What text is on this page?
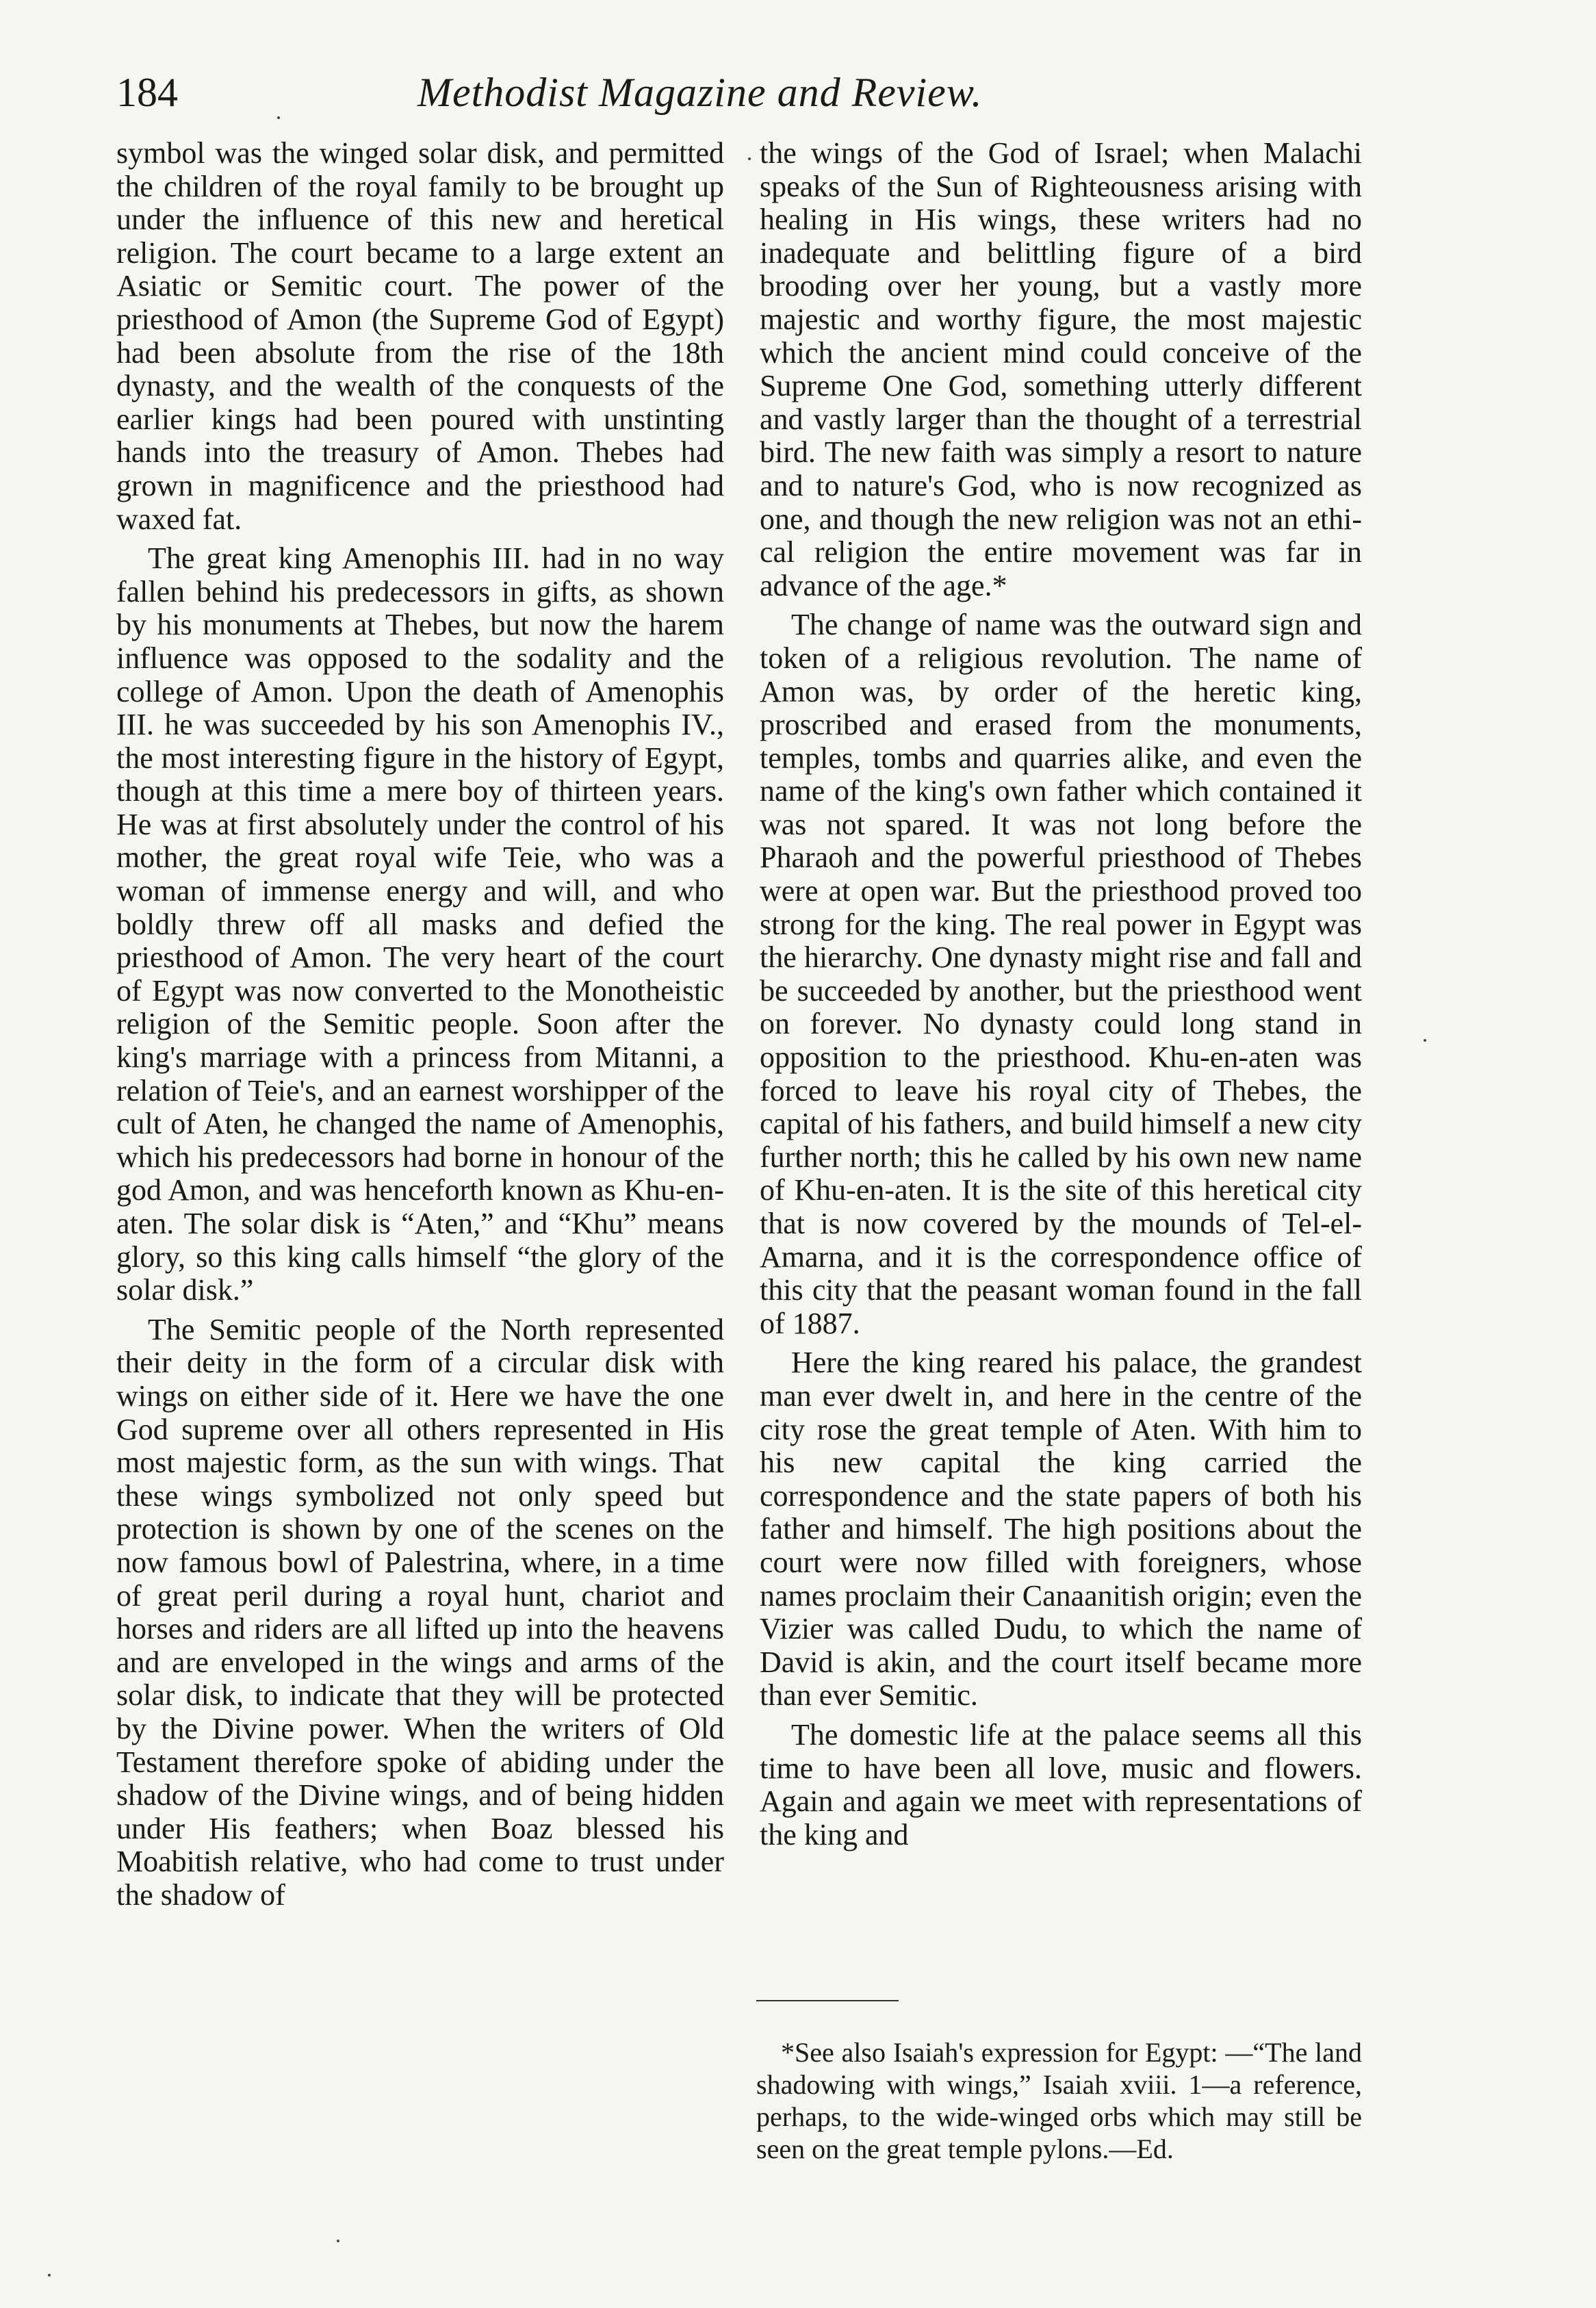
184	Methodist Magazine and Review.

symbol was the winged solar disk, and permitted the children of the royal family to be brought up under the influence of this new and heretical religion. The court became to a large extent an Asiatic or Semitic court. The power of the priesthood of Amon (the Supreme God of Egypt) had been absolute from the rise of the 18th dynasty, and the wealth of the conquests of the earlier kings had been poured with unstinting hands into the treasury of Amon. Thebes had grown in magnificence and the priesthood had waxed fat.

The great king Amenophis III. had in no way fallen behind his predecessors in gifts, as shown by his monuments at Thebes, but now the harem influence was opposed to the sodality and the college of Amon. Upon the death of Amenophis III. he was succeeded by his son Amenophis IV., the most interesting figure in the history of Egypt, though at this time a mere boy of thirteen years. He was at first absolutely under the control of his mother, the great royal wife Teie, who was a woman of immense energy and will, and who boldly threw off all masks and defied the priesthood of Amon. The very heart of the court of Egypt was now converted to the Monotheistic religion of the Semitic people. Soon after the king's marriage with a princess from Mitanni, a relation of Teie's, and an earnest worshipper of the cult of Aten, he changed the name of Amenophis, which his predecessors had borne in honour of the god Amon, and was henceforth known as Khu-en-aten. The solar disk is “Aten,” and “Khu” means glory, so this king calls himself “the glory of the solar disk.”

The Semitic people of the North represented their deity in the form of a circular disk with wings on either side of it. Here we have the one God supreme over all others represented in His most majestic form, as the sun with wings. That these wings symbolized not only speed but protection is shown by one of the scenes on the now famous bowl of Palestrina, where, in a time of great peril during a royal hunt, chariot and horses and riders are all lifted up into the heavens and are enveloped in the wings and arms of the solar disk, to indicate that they will be protected by the Divine power. When the writers of Old Testament therefore spoke of abiding under the shadow of the Divine wings, and of being hidden under His feathers; when Boaz blessed his Moabitish relative, who had come to trust under the shadow of

the wings of the God of Israel; when Malachi speaks of the Sun of Righteousness arising with healing in His wings, these writers had no inadequate and belittling figure of a bird brooding over her young, but a vastly more majestic and worthy figure, the most majestic which the ancient mind could conceive of the Supreme One God, something utterly different and vastly larger than the thought of a terrestrial bird. The new faith was simply a resort to nature and to nature's God, who is now recognized as one, and though the new religion was not an ethical religion the entire movement was far in advance of the age.*

The change of name was the outward sign and token of a religious revolution. The name of Amon was, by order of the heretic king, proscribed and erased from the monuments, temples, tombs and quarries alike, and even the name of the king's own father which contained it was not spared. It was not long before the Pharaoh and the powerful priesthood of Thebes were at open war. But the priesthood proved too strong for the king. The real power in Egypt was the hierarchy. One dynasty might rise and fall and be succeeded by another, but the priesthood went on forever. No dynasty could long stand in opposition to the priesthood. Khu-en-aten was forced to leave his royal city of Thebes, the capital of his fathers, and build himself a new city further north; this he called by his own new name of Khu-en-aten. It is the site of this heretical city that is now covered by the mounds of Tel-el-Amarna, and it is the correspondence office of this city that the peasant woman found in the fall of 1887.

Here the king reared his palace, the grandest man ever dwelt in, and here in the centre of the city rose the great temple of Aten. With him to his new capital the king carried the correspondence and the state papers of both his father and himself. The high positions about the court were now filled with foreigners, whose names proclaim their Canaanitish origin; even the Vizier was called Dudu, to which the name of David is akin, and the court itself became more than ever Semitic.

The domestic life at the palace seems all this time to have been all love, music and flowers. Again and again we meet with representations of the king and

*See also Isaiah's expression for Egypt: —“The land shadowing with wings,” Isaiah xviii. 1—a reference, perhaps, to the wide-winged orbs which may still be seen on the great temple pylons.—Ed.
